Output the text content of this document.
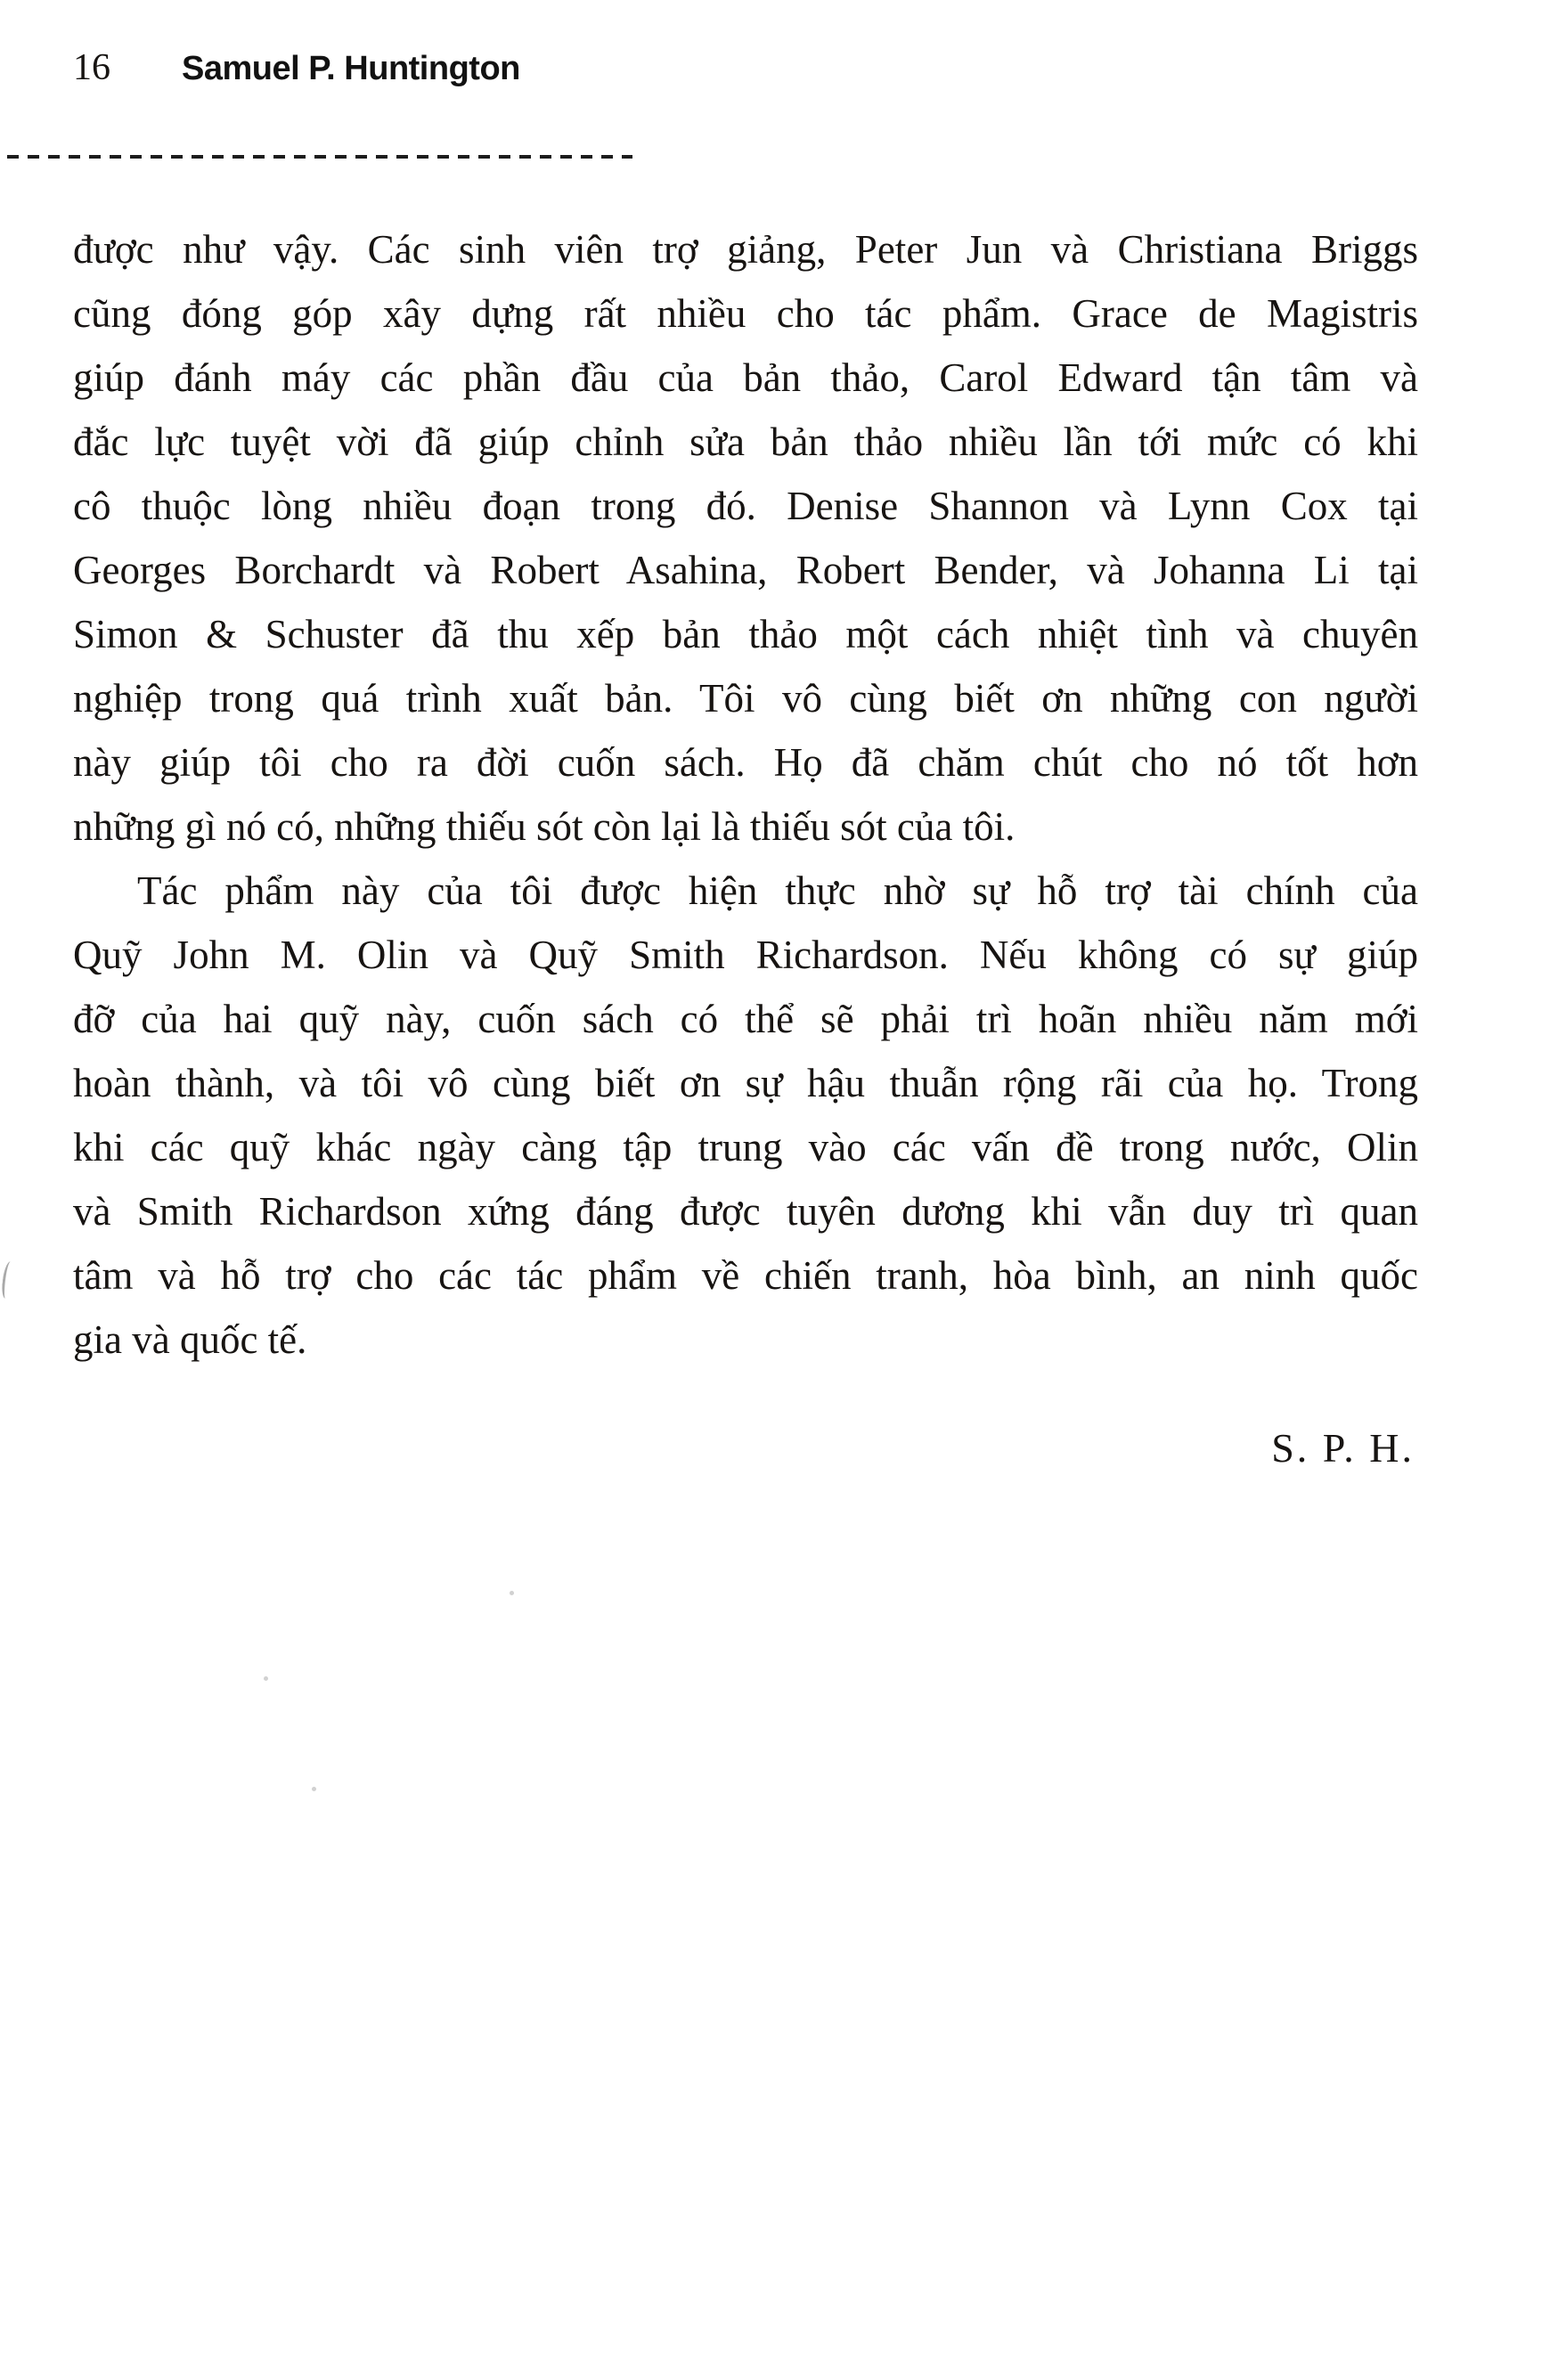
16 Samuel P. Huntington
được như vậy. Các sinh viên trợ giảng, Peter Jun và Christiana Briggs
cũng đóng góp xây dựng rất nhiều cho tác phẩm. Grace de Magistris
giúp đánh máy các phần đầu của bản thảo, Carol Edward tận tâm và
đắc lực tuyệt vời đã giúp chỉnh sửa bản thảo nhiều lần tới mức có khi
cô thuộc lòng nhiều đoạn trong đó. Denise Shannon và Lynn Cox tại
Georges Borchardt và Robert Asahina, Robert Bender, và Johanna Li tại
Simon & Schuster đã thu xếp bản thảo một cách nhiệt tình và chuyên
nghiệp trong quá trình xuất bản. Tôi vô cùng biết ơn những con người
này giúp tôi cho ra đời cuốn sách. Họ đã chăm chút cho nó tốt hơn
những gì nó có, những thiếu sót còn lại là thiếu sót của tôi.
Tác phẩm này của tôi được hiện thực nhờ sự hỗ trợ tài chính của
Quỹ John M. Olin và Quỹ Smith Richardson. Nếu không có sự giúp
đỡ của hai quỹ này, cuốn sách có thể sẽ phải trì hoãn nhiều năm mới
hoàn thành, và tôi vô cùng biết ơn sự hậu thuẫn rộng rãi của họ. Trong
khi các quỹ khác ngày càng tập trung vào các vấn đề trong nước, Olin
và Smith Richardson xứng đáng được tuyên dương khi vẫn duy trì quan
tâm và hỗ trợ cho các tác phẩm về chiến tranh, hòa bình, an ninh quốc
gia và quốc tế.
S. P. H.
